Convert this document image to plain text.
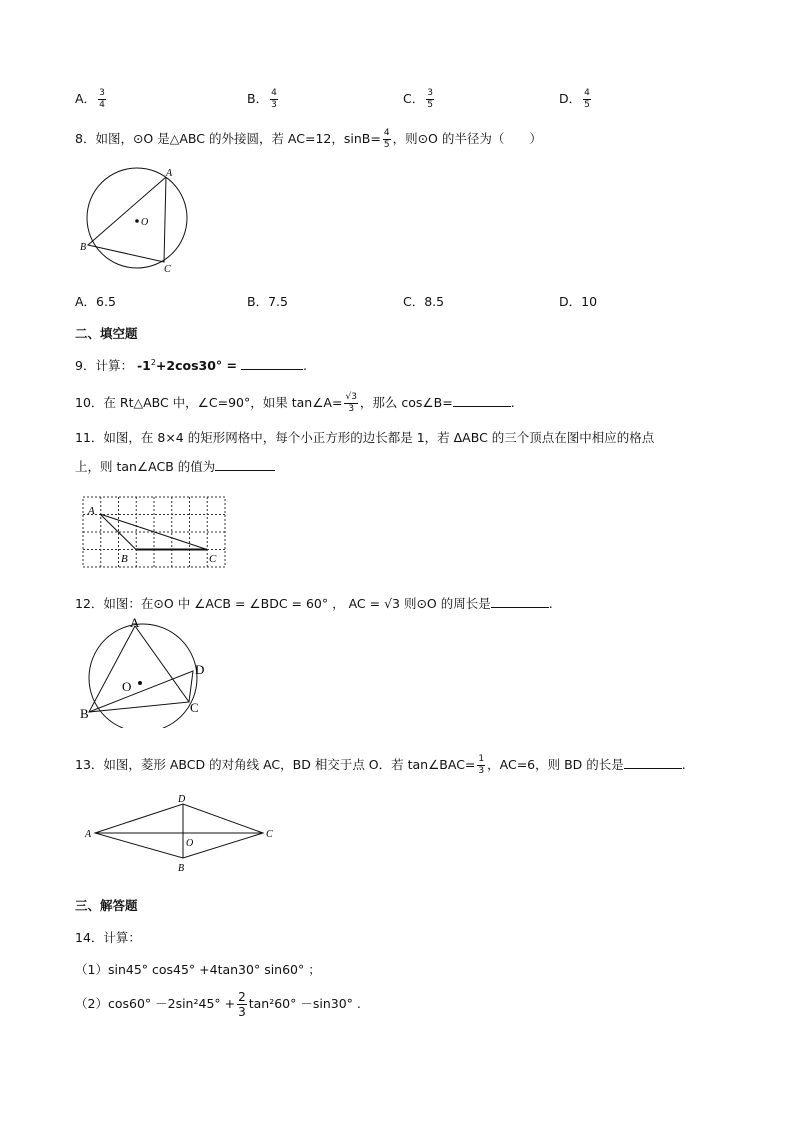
A． $\frac{3}{4}$	B． $\frac{4}{3}$	C． $\frac{3}{5}$	D． $\frac{4}{5}$
8．如图，⊙O 是△ABC 的外接圆，若 AC=12，$\sin B= \frac{4}{5}$ ，则⊙O 的半径为（　　）
A
B
C
O
A．6.5	B．7.5	C．8.5	D．10
二、填空题
9．计算： $-1^2+2\cos 30^\circ$ =	.
10．在 Rt△ABC 中，∠C=90°，如果 tan∠A= $\frac{√3}{3}$ ，那么 cos∠B=	.
11．如图，在 8×4 的矩形网格中，每个小正方形的边长都是 1，若 ΔABC 的三个顶点在图中相应的格点
上，则 tan∠ACB 的值为
A
B	C
12．如图：在⊙O 中 ∠ACB = ∠BDC = 60° ， AC = √3 则⊙O 的周长是	.
A
B	C
D
O
13．如图，菱形 ABCD 的对角线 AC，BD 相交于点 O．若 tan∠BAC= $\frac{1}{3}$ ，AC=6，则 BD 的长是	.
A	C
D
B
O
三、解答题
14．计算：
（1）sin45° cos45° +4tan30° sin60° ；
$(2)\cos 60^\circ -2\sin^245^\circ + \frac{2}{3} \tan^260^\circ -\sin 30^\circ$ .
